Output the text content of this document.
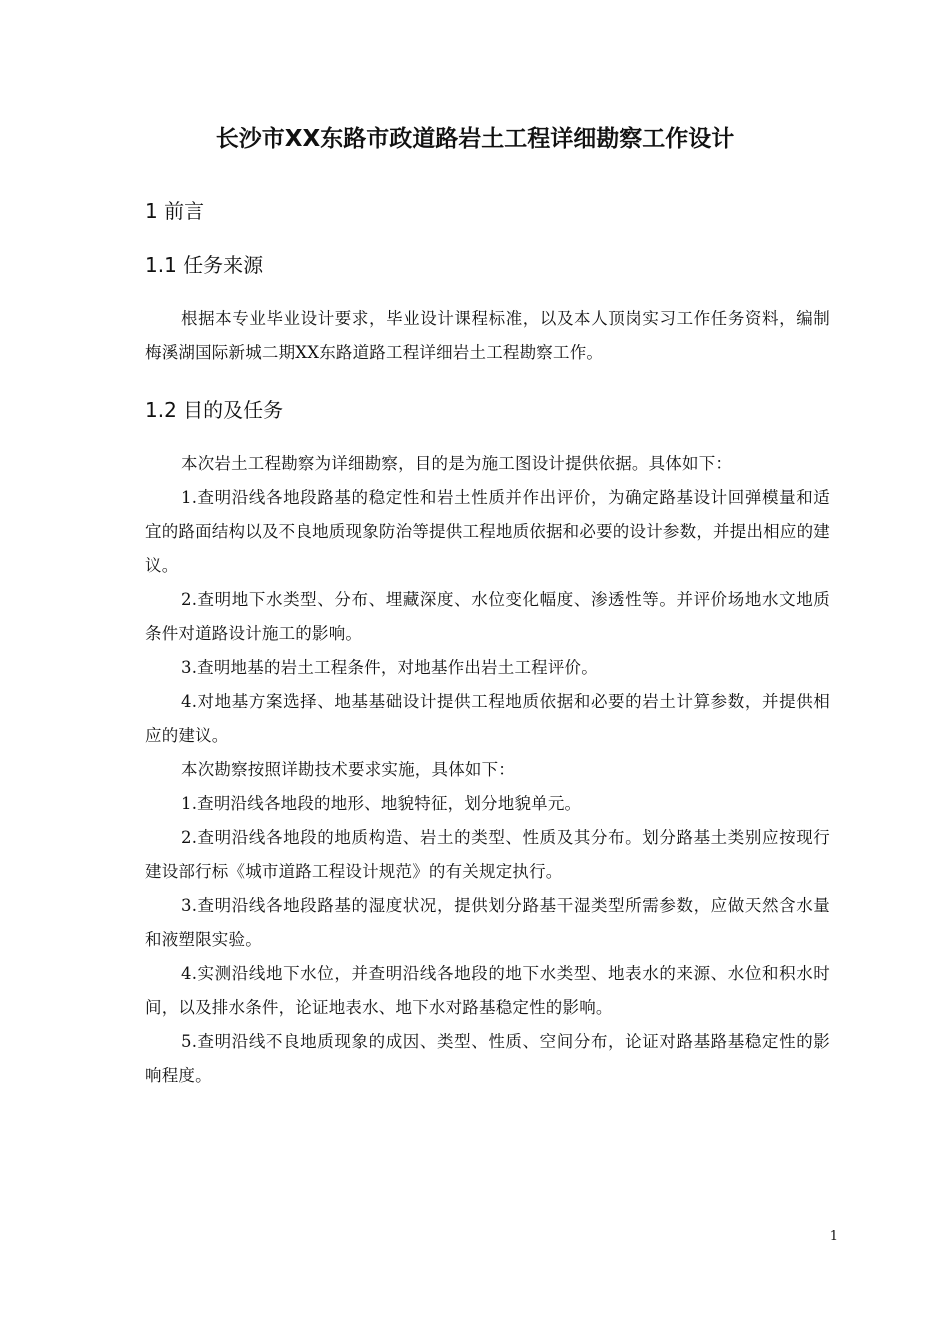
长沙市XX东路市政道路岩土工程详细勘察工作设计
1 前言
1.1 任务来源

根据本专业毕业设计要求，毕业设计课程标准，以及本人顶岗实习工作任务资料，编制梅溪湖国际新城二期XX东路道路工程详细岩土工程勘察工作。

1.2 目的及任务

本次岩土工程勘察为详细勘察，目的是为施工图设计提供依据。具体如下：

1.查明沿线各地段路基的稳定性和岩土性质并作出评价，为确定路基设计回弹模量和适宜的路面结构以及不良地质现象防治等提供工程地质依据和必要的设计参数，并提出相应的建议。

2.查明地下水类型、分布、埋藏深度、水位变化幅度、渗透性等。并评价场地水文地质条件对道路设计施工的影响。

3.查明地基的岩土工程条件，对地基作出岩土工程评价。

4.对地基方案选择、地基基础设计提供工程地质依据和必要的岩土计算参数，并提供相应的建议。

本次勘察按照详勘技术要求实施，具体如下：

1.查明沿线各地段的地形、地貌特征，划分地貌单元。

2.查明沿线各地段的地质构造、岩土的类型、性质及其分布。划分路基土类别应按现行建设部行标《城市道路工程设计规范》的有关规定执行。

3.查明沿线各地段路基的湿度状况，提供划分路基干湿类型所需参数，应做天然含水量和液塑限实验。

4.实测沿线地下水位，并查明沿线各地段的地下水类型、地表水的来源、水位和积水时间，以及排水条件，论证地表水、地下水对路基稳定性的影响。

5.查明沿线不良地质现象的成因、类型、性质、空间分布，论证对路基路基稳定性的影响程度。

1
